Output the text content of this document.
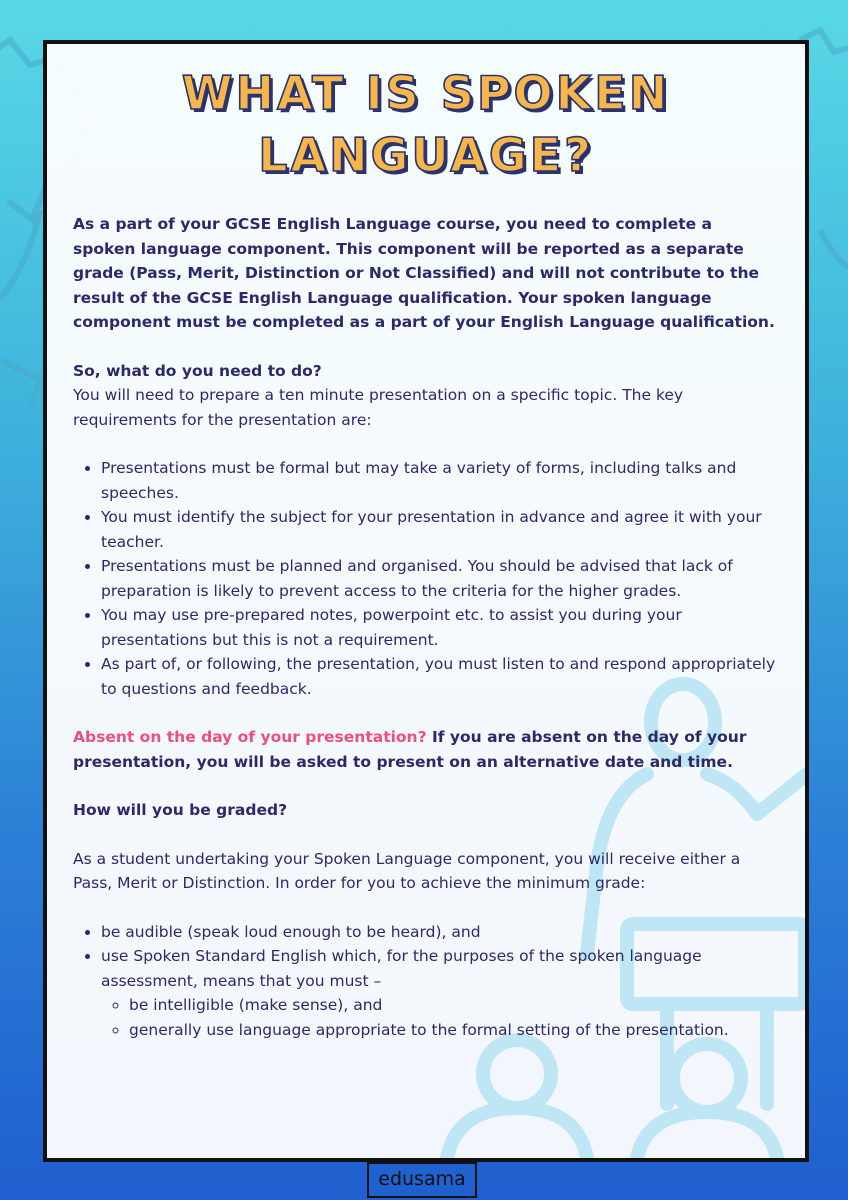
WHAT IS SPOKEN
LANGUAGE?

As a part of your GCSE English Language course, you need to complete a spoken language component. This component will be reported as a separate grade (Pass, Merit, Distinction or Not Classified) and will not contribute to the result of the GCSE English Language qualification. Your spoken language component must be completed as a part of your English Language qualification.

So, what do you need to do?

You will need to prepare a ten minute presentation on a specific topic. The key requirements for the presentation are:

• Presentations must be formal but may take a variety of forms, including talks and speeches.
• You must identify the subject for your presentation in advance and agree it with your teacher.
• Presentations must be planned and organised. You should be advised that lack of preparation is likely to prevent access to the criteria for the higher grades.
• You may use pre-prepared notes, powerpoint etc. to assist you during your presentations but this is not a requirement.
• As part of, or following, the presentation, you must listen to and respond appropriately to questions and feedback.

Absent on the day of your presentation? If you are absent on the day of your presentation, you will be asked to present on an alternative date and time.

How will you be graded?

As a student undertaking your Spoken Language component, you will receive either a Pass, Merit or Distinction. In order for you to achieve the minimum grade:

• be audible (speak loud enough to be heard), and
• use Spoken Standard English which, for the purposes of the spoken language assessment, means that you must –
◦ be intelligible (make sense), and
◦ generally use language appropriate to the formal setting of the presentation.
edusama
